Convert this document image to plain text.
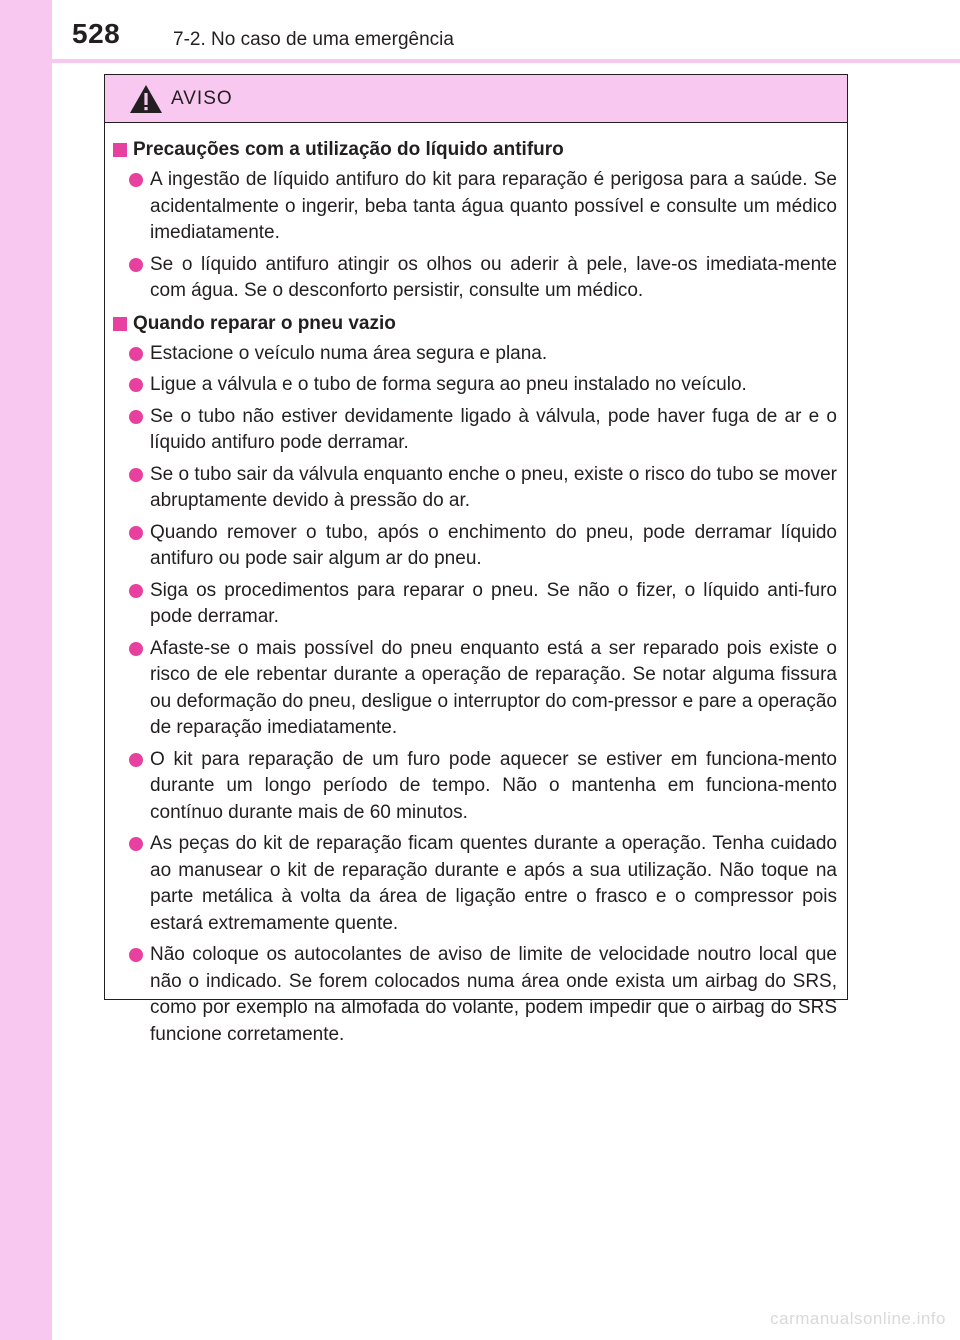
528	7-2. No caso de uma emergência
AVISO
Precauções com a utilização do líquido antifuro
A ingestão de líquido antifuro do kit para reparação é perigosa para a saúde. Se acidentalmente o ingerir, beba tanta água quanto possível e consulte um médico imediatamente.
Se o líquido antifuro atingir os olhos ou aderir à pele, lave-os imediata-mente com água. Se o desconforto persistir, consulte um médico.
Quando reparar o pneu vazio
Estacione o veículo numa área segura e plana.
Ligue a válvula e o tubo de forma segura ao pneu instalado no veículo.
Se o tubo não estiver devidamente ligado à válvula, pode haver fuga de ar e o líquido antifuro pode derramar.
Se o tubo sair da válvula enquanto enche o pneu, existe o risco do tubo se mover abruptamente devido à pressão do ar.
Quando remover o tubo, após o enchimento do pneu, pode derramar líquido antifuro ou pode sair algum ar do pneu.
Siga os procedimentos para reparar o pneu. Se não o fizer, o líquido anti-furo pode derramar.
Afaste-se o mais possível do pneu enquanto está a ser reparado pois existe o risco de ele rebentar durante a operação de reparação. Se notar alguma fissura ou deformação do pneu, desligue o interruptor do com-pressor e pare a operação de reparação imediatamente.
O kit para reparação de um furo pode aquecer se estiver em funciona-mento durante um longo período de tempo. Não o mantenha em funciona-mento contínuo durante mais de 60 minutos.
As peças do kit de reparação ficam quentes durante a operação. Tenha cuidado ao manusear o kit de reparação durante e após a sua utilização. Não toque na parte metálica à volta da área de ligação entre o frasco e o compressor pois estará extremamente quente.
Não coloque os autocolantes de aviso de limite de velocidade noutro local que não o indicado. Se forem colocados numa área onde exista um airbag do SRS, como por exemplo na almofada do volante, podem impedir que o airbag do SRS funcione corretamente.
carmanualsonline.info
